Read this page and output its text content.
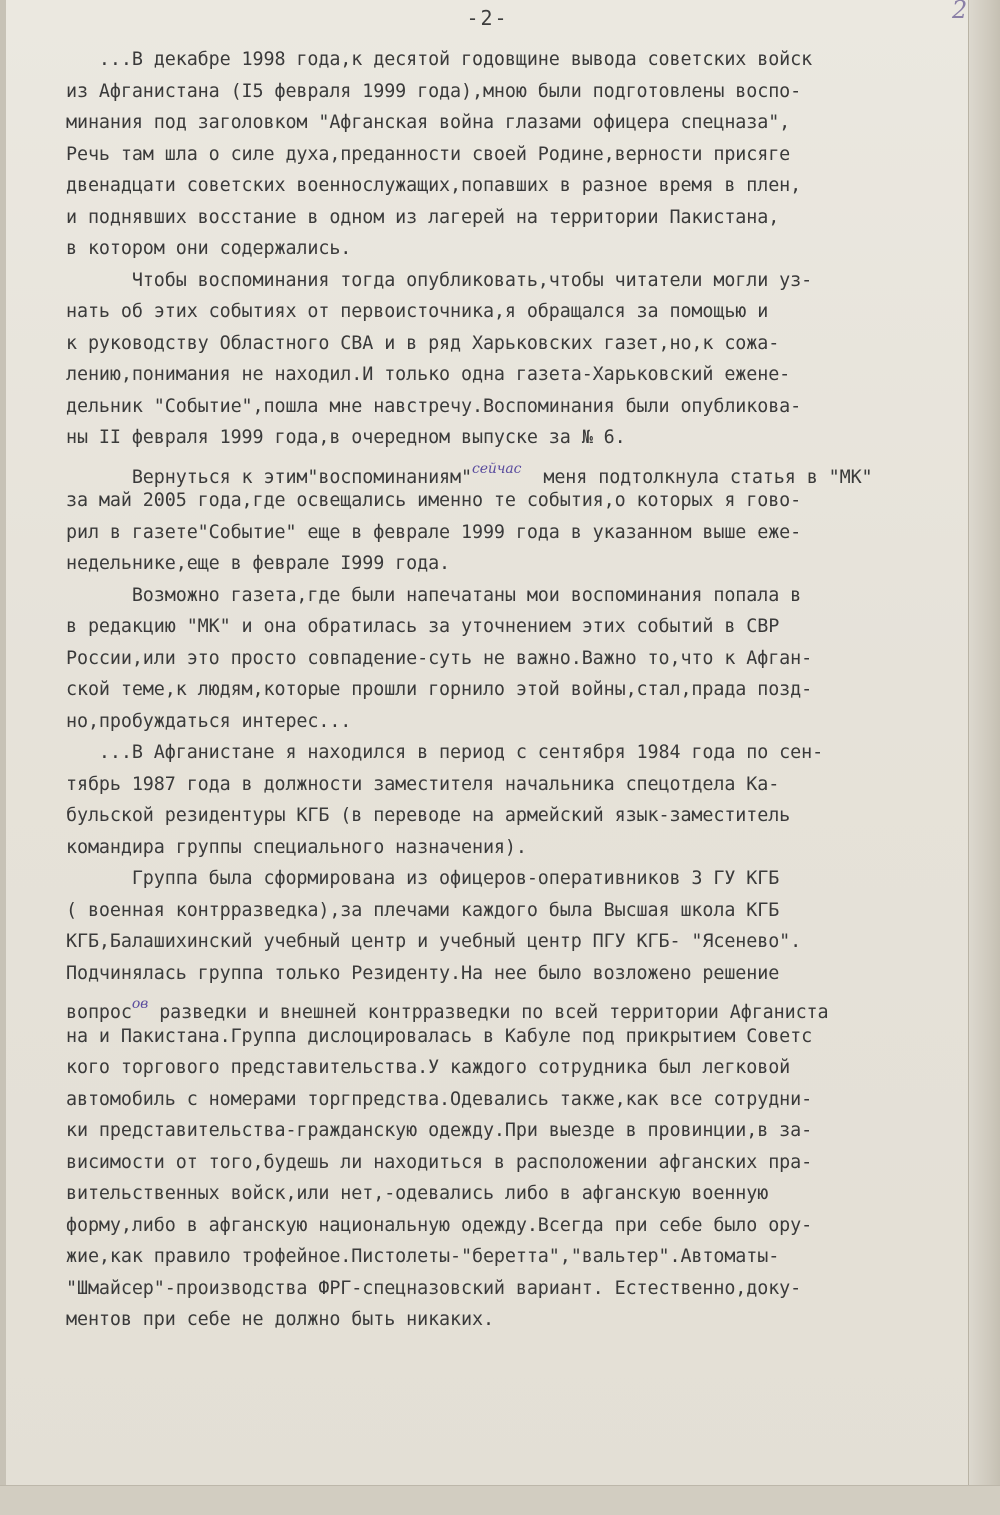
-2-	2
...В декабре 1998 года,к десятой годовщине вывода советских войск
из Афганистана (I5 февраля 1999 года),мною были подготовлены воспо-
минания под заголовком "Афганская война глазами офицера спецназа",
Речь там шла о силе духа,преданности своей Родине,верности присяге
двенадцати советских военнослужащих,попавших в разное время в плен,
и поднявших восстание в одном из лагерей на территории Пакистана,
в котором они содержались.
Чтобы воспоминания тогда опубликовать,чтобы читатели могли уз-
нать об этих событиях от первоисточника,я обращался за помощью и
к руководству Областного СВА и в ряд Харьковских газет,но,к сожа-
лению,понимания не находил.И только одна газета-Харьковский ежене-
дельник "Событие",пошла мне навстречу.Воспоминания были опубликова-
ны II февраля 1999 года,в очередном выпуске за № 6.
Вернуться к этим"воспоминаниям"$^{сейчас}$  меня подтолкнула статья в "МК"
за май 2005 года,где освещались именно те события,о которых я гово-
рил в газете"Событие" еще в феврале 1999 года в указанном выше еже-
недельнике,еще в феврале I999 года.
Возможно газета,где были напечатаны мои воспоминания попала в
в редакцию "МК" и она обратилась за уточнением этих событий в СВР
России,или это просто совпадение-суть не важно.Важно то,что к Афган-
ской теме,к людям,которые прошли горнило этой войны,стал,прада позд-
но,пробуждаться интерес...
...В Афганистане я находился в период с сентября 1984 года по сен-
тябрь 1987 года в должности заместителя начальника спецотдела Ка-
бульской резидентуры КГБ (в переводе на армейский язык-заместитель
командира группы специального назначения).
Группа была сформирована из офицеров-оперативников 3 ГУ КГБ
( военная контрразведка),за плечами каждого была Высшая школа КГБ
КГБ,Балашихинский учебный центр и учебный центр ПГУ КГБ- "Ясенево".
Подчинялась группа только Резиденту.На нее было возложено решение
вопрос$^{ов}$ разведки и внешней контрразведки по всей территории Афганиста
на и Пакистана.Группа дислоцировалась в Кабуле под прикрытием Советс
кого торгового представительства.У каждого сотрудника был легковой
автомобиль с номерами торгпредства.Одевались также,как все сотрудни-
ки представительства-гражданскую одежду.При выезде в провинции,в за-
висимости от того,будешь ли находиться в расположении афганских пра-
вительственных войск,или нет,-одевались либо в афганскую военную
форму,либо в афганскую национальную одежду.Всегда при себе было ору-
жие,как правило трофейное.Пистолеты-"беретта","вальтер".Автоматы-
"Шмайсер"-производства ФРГ-спецназовский вариант. Естественно,доку-
ментов при себе не должно быть никаких.
